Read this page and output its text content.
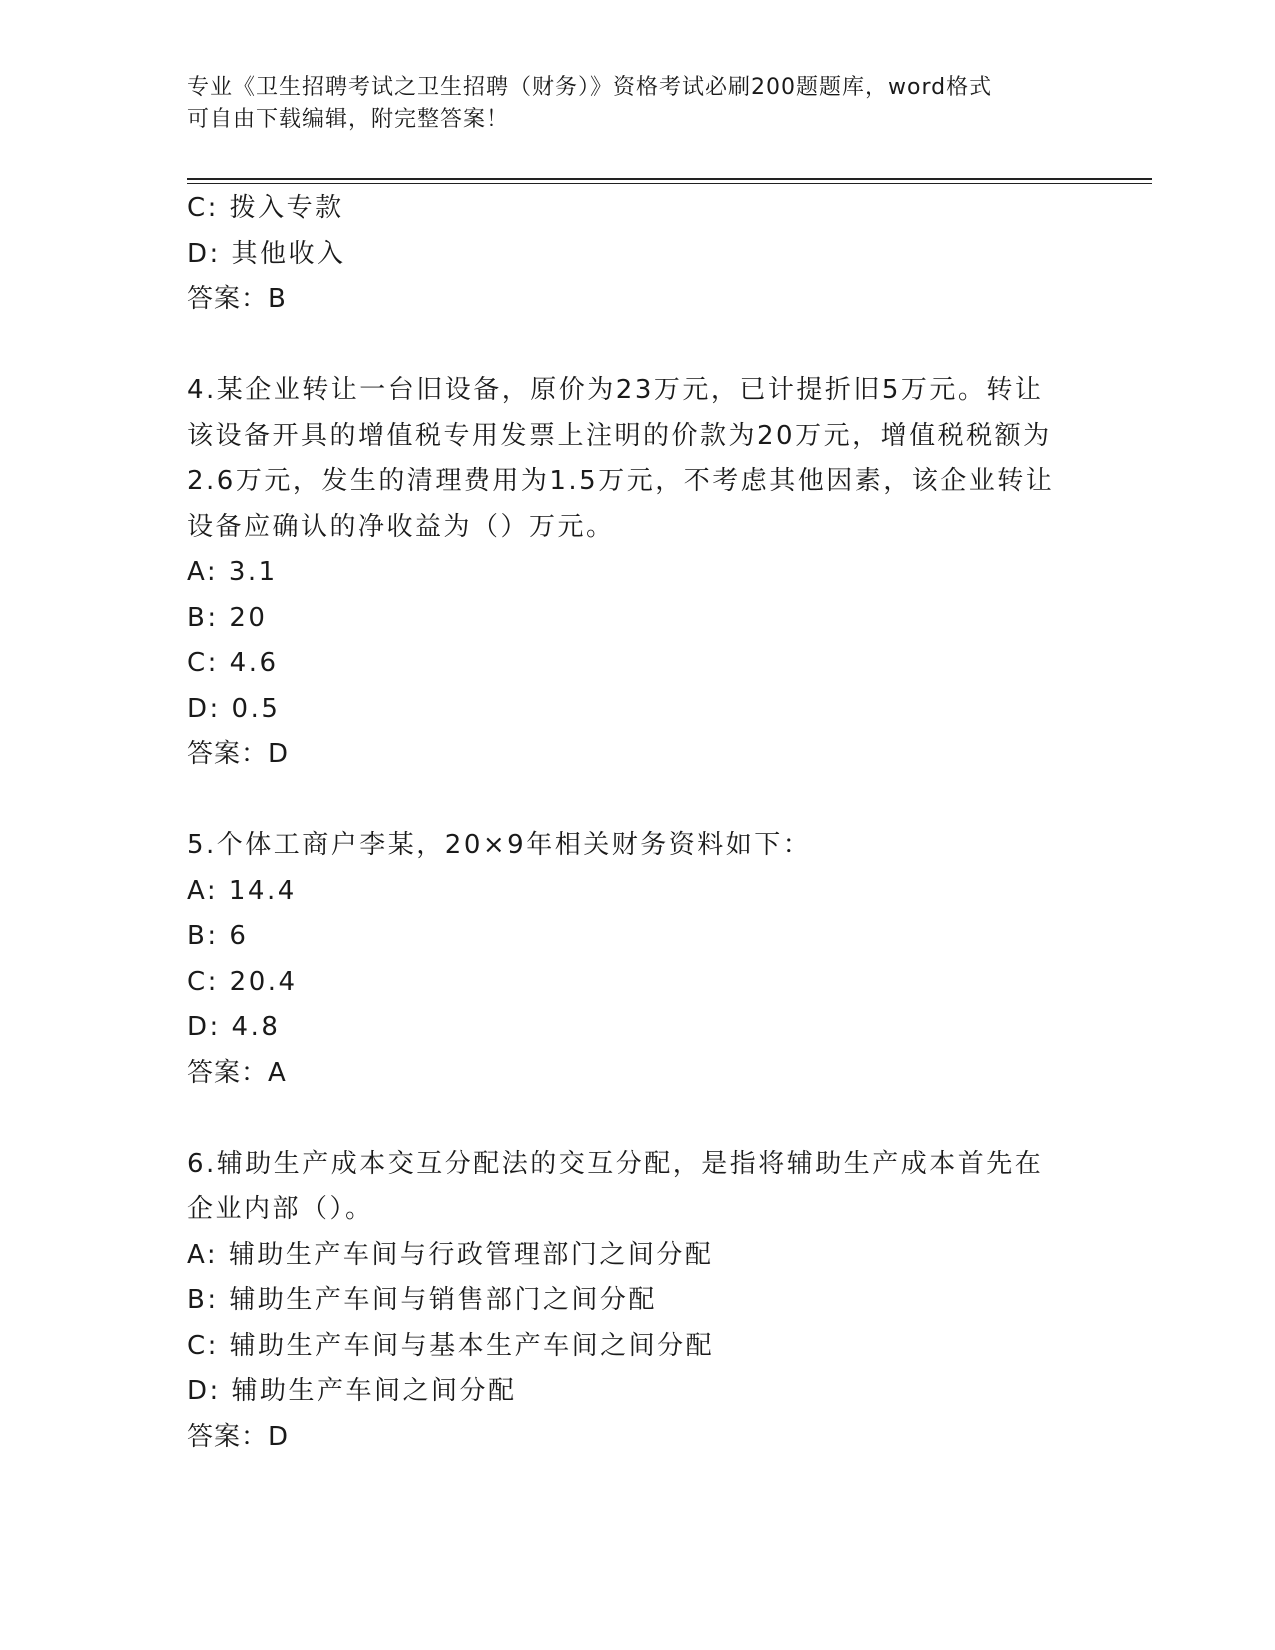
专业《卫生招聘考试之卫生招聘（财务）》资格考试必刷200题题库，word格式
可自由下载编辑，附完整答案！
C: 拨入专款
D: 其他收入
答案：B
4.某企业转让一台旧设备，原价为23万元，已计提折旧5万元。转让
该设备开具的增值税专用发票上注明的价款为20万元，增值税税额为
2.6万元，发生的清理费用为1.5万元，不考虑其他因素，该企业转让
设备应确认的净收益为（）万元。
A: 3.1
B: 20
C: 4.6
D: 0.5
答案：D
5.个体工商户李某，20×9年相关财务资料如下：
A: 14.4
B: 6
C: 20.4
D: 4.8
答案：A
6.辅助生产成本交互分配法的交互分配，是指将辅助生产成本首先在
企业内部（）。
A: 辅助生产车间与行政管理部门之间分配
B: 辅助生产车间与销售部门之间分配
C: 辅助生产车间与基本生产车间之间分配
D: 辅助生产车间之间分配
答案：D
